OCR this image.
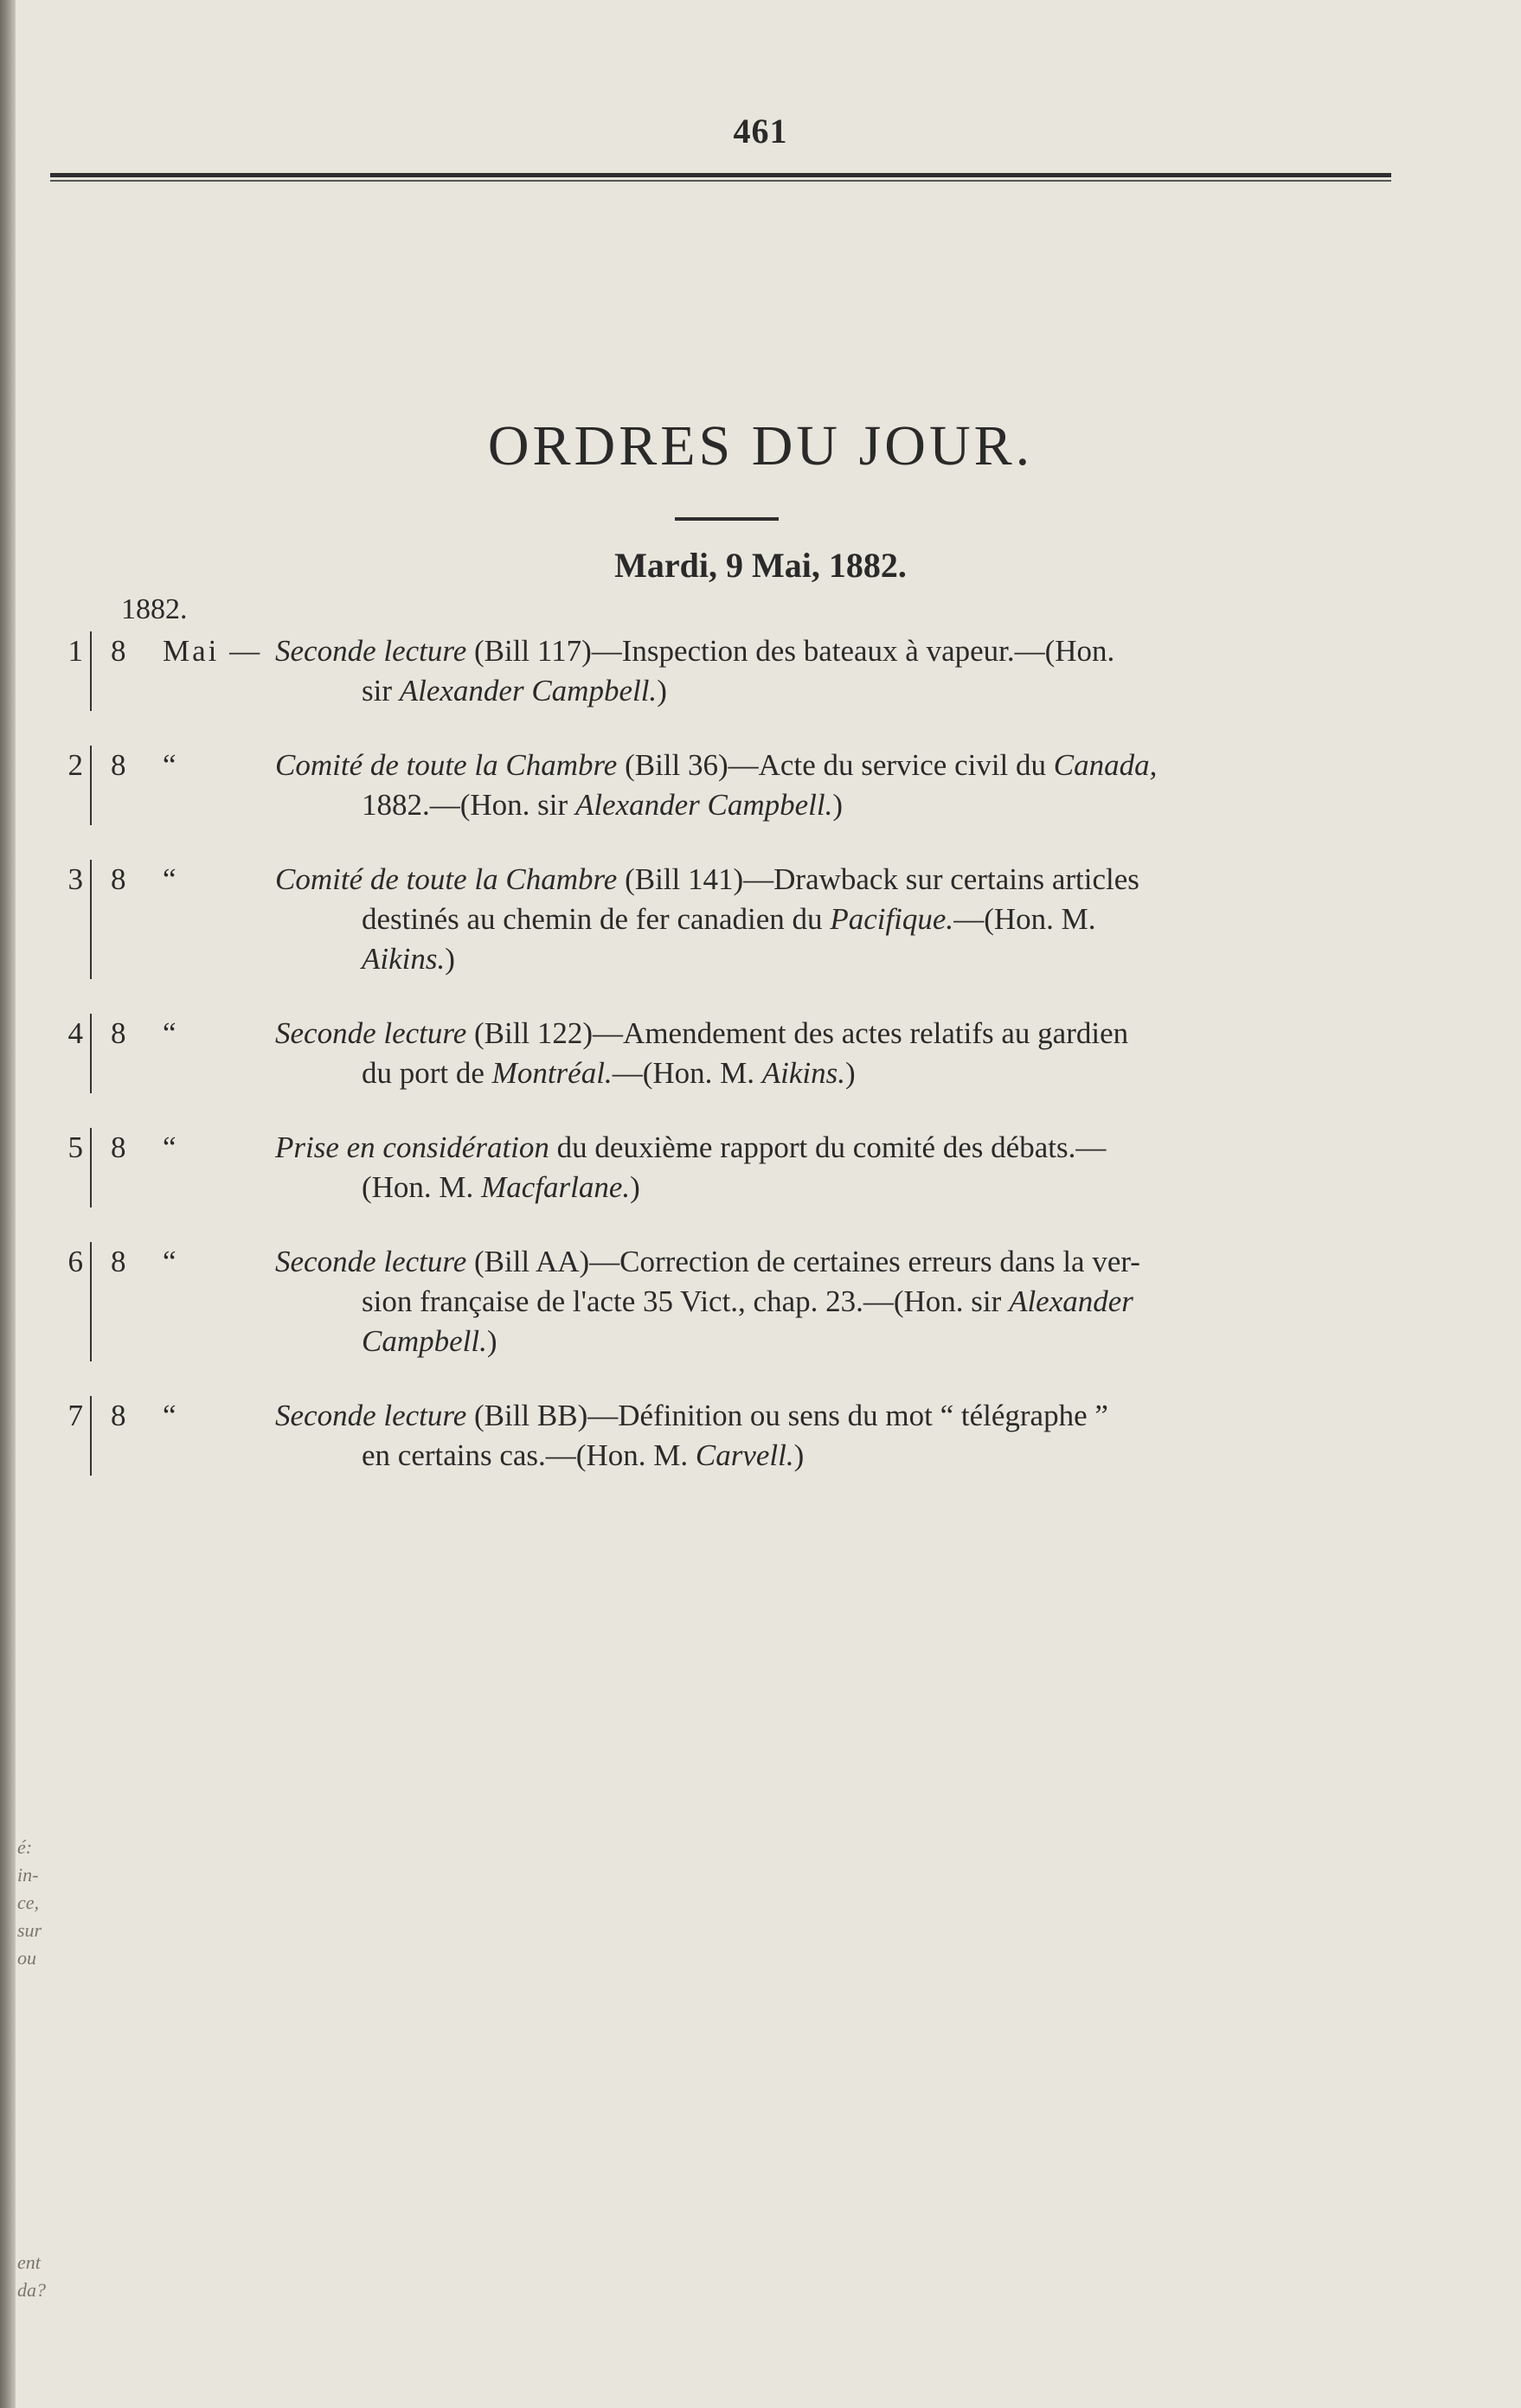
é:
in-
ce,
sur
ou
ent
da?
461
ORDRES DU JOUR.
Mardi, 9 Mai, 1882.
1882.
1 8	Mai — Seconde lecture (Bill 117)—Inspection des bateaux à vapeur.—(Hon.
sir Alexander Campbell.)
2 8	“	Comité de toute la Chambre (Bill 36)—Acte du service civil du Canada,
1882.—(Hon. sir Alexander Campbell.)
3 8	“	Comité de toute la Chambre (Bill 141)—Drawback sur certains articles
destinés au chemin de fer canadien du Pacifique.—(Hon. M.
Aikins.)
4 8	“	Seconde lecture (Bill 122)—Amendement des actes relatifs au gardien
du port de Montréal.—(Hon. M. Aikins.)
5 8	“	Prise en considération du deuxième rapport du comité des débats.—
(Hon. M. Macfarlane.)
6 8	“	Seconde lecture (Bill AA)—Correction de certaines erreurs dans la ver-
sion française de l'acte 35 Vict., chap. 23.—(Hon. sir Alexander
Campbell.)
7 8	“	Seconde lecture (Bill BB)—Définition ou sens du mot “ télégraphe ”
en certains cas.—(Hon. M. Carvell.)
